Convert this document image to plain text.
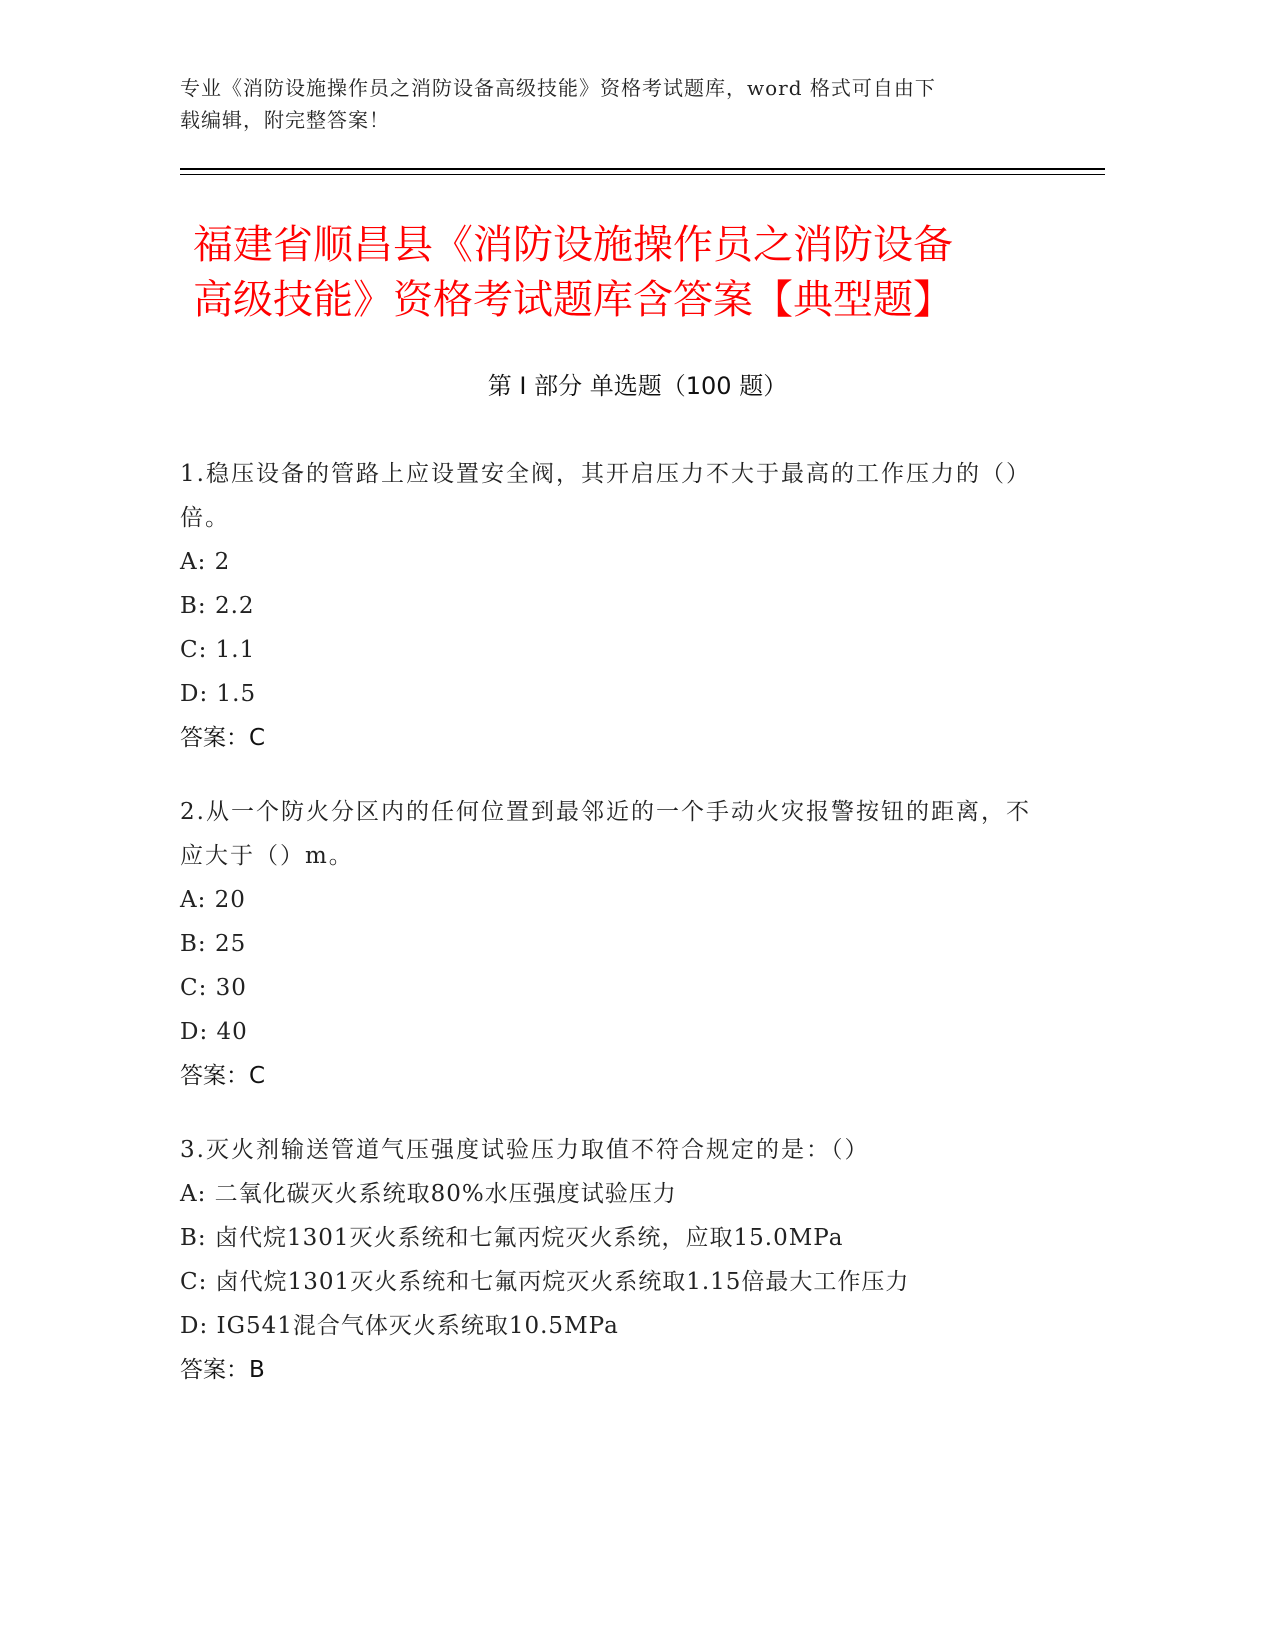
专业《消防设施操作员之消防设备高级技能》资格考试题库，word 格式可自由下
载编辑，附完整答案！
福建省顺昌县《消防设施操作员之消防设备
高级技能》资格考试题库含答案【典型题】
第 I 部分 单选题（100 题）
1.稳压设备的管路上应设置安全阀，其开启压力不大于最高的工作压力的（）倍。
A: 2
B: 2.2
C: 1.1
D: 1.5
答案：C
2.从一个防火分区内的任何位置到最邻近的一个手动火灾报警按钮的距离，不应大于（）m。
A: 20
B: 25
C: 30
D: 40
答案：C
3.灭火剂输送管道气压强度试验压力取值不符合规定的是：（）
A: 二氧化碳灭火系统取80%水压强度试验压力
B: 卤代烷1301灭火系统和七氟丙烷灭火系统，应取15.0MPa
C: 卤代烷1301灭火系统和七氟丙烷灭火系统取1.15倍最大工作压力
D: IG541混合气体灭火系统取10.5MPa
答案：B
